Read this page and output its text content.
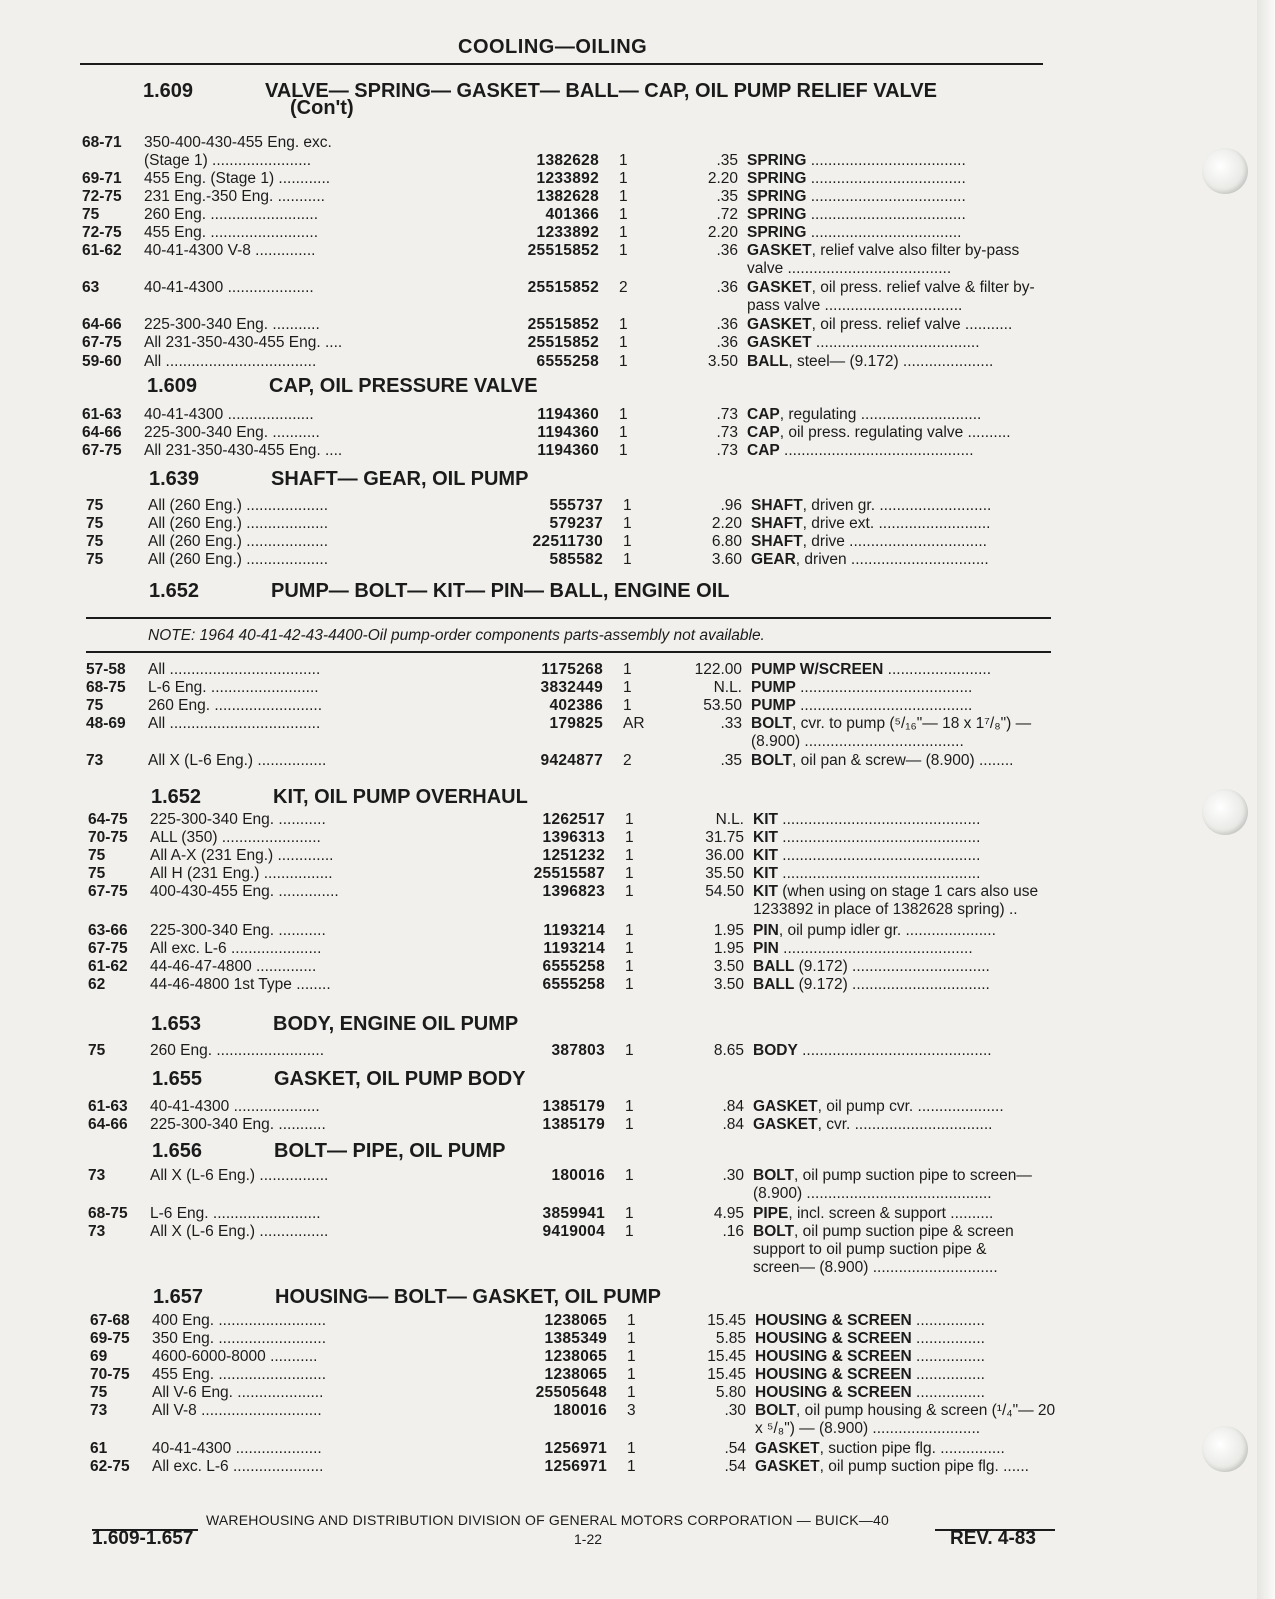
COOLING—OILING
1.609	VALVE— SPRING— GASKET— BALL— CAP, OIL PUMP RELIEF VALVE
(Con't)
68-71	350-400-430-455 Eng. exc.
(Stage 1) .......................	1382628 1	.35 SPRING ....................................
69-71	455 Eng. (Stage 1) ............	1233892 1	2.20 SPRING ....................................
72-75	231 Eng.-350 Eng. ...........	1382628 1	.35 SPRING ....................................
75	260 Eng. .........................	401366 1	.72 SPRING ....................................
72-75	455 Eng. .........................	1233892 1	2.20 SPRING ...................................
61-62	40-41-4300 V-8 ..............	25515852 1	.36 GASKET, relief valve also filter by-pass
valve ......................................
63	40-41-4300 ....................	25515852 2	.36 GASKET, oil press. relief valve & filter by-
pass valve ................................
64-66	225-300-340 Eng. ...........	25515852 1	.36 GASKET, oil press. relief valve ...........
67-75	All 231-350-430-455 Eng. ....	25515852 1	.36 GASKET ......................................
59-60	All ...................................	6555258 1	3.50 BALL, steel— (9.172) .....................
1.609	CAP, OIL PRESSURE VALVE
61-63	40-41-4300 ....................	1194360 1	.73 CAP, regulating ............................
64-66	225-300-340 Eng. ...........	1194360 1	.73 CAP, oil press. regulating valve ..........
67-75	All 231-350-430-455 Eng. ....	1194360 1	.73 CAP ............................................
1.639	SHAFT— GEAR, OIL PUMP
75	All (260 Eng.) ...................	555737 1	.96 SHAFT, driven gr. ..........................
75	All (260 Eng.) ...................	579237 1	2.20 SHAFT, drive ext. ..........................
75	All (260 Eng.) ...................	22511730 1	6.80 SHAFT, drive ................................
75	All (260 Eng.) ...................	585582 1	3.60 GEAR, driven ................................
1.652	PUMP— BOLT— KIT— PIN— BALL, ENGINE OIL
NOTE: 1964 40-41-42-43-4400-Oil pump-order components parts-assembly not available.
57-58	All ...................................	1175268 1	122.00 PUMP W/SCREEN ........................
68-75	L-6 Eng. .........................	3832449 1	N.L. PUMP ........................................
75	260 Eng. .........................	402386 1	53.50 PUMP ........................................
48-69	All ...................................	179825 AR	.33 BOLT, cvr. to pump (⁵/₁₆"— 18 x 1⁷/₈") —
(8.900) .....................................
73	All X (L-6 Eng.) ................	9424877 2	.35 BOLT, oil pan & screw— (8.900) ........
1.652	KIT, OIL PUMP OVERHAUL
64-75	225-300-340 Eng. ...........	1262517 1	N.L. KIT ..............................................
70-75	ALL (350) .......................	1396313 1	31.75 KIT ..............................................
75	All A-X (231 Eng.) .............	1251232 1	36.00 KIT ..............................................
75	All H (231 Eng.) ................	25515587 1	35.50 KIT ..............................................
67-75	400-430-455 Eng. ..............	1396823 1	54.50 KIT (when using on stage 1 cars also use
1233892 in place of 1382628 spring) ..
63-66	225-300-340 Eng. ...........	1193214 1	1.95 PIN, oil pump idler gr. .....................
67-75	All exc. L-6 .....................	1193214 1	1.95 PIN ............................................
61-62	44-46-47-4800 ..............	6555258 1	3.50 BALL (9.172) ................................
62	44-46-4800 1st Type ........	6555258 1	3.50 BALL (9.172) ................................
1.653	BODY, ENGINE OIL PUMP
75	260 Eng. .........................	387803 1	8.65 BODY ............................................
1.655	GASKET, OIL PUMP BODY
61-63	40-41-4300 ....................	1385179 1	.84 GASKET, oil pump cvr. ....................
64-66	225-300-340 Eng. ...........	1385179 1	.84 GASKET, cvr. ................................
1.656	BOLT— PIPE, OIL PUMP
73	All X (L-6 Eng.) ................	180016 1	.30 BOLT, oil pump suction pipe to screen—
(8.900) ...........................................
68-75	L-6 Eng. .........................	3859941 1	4.95 PIPE, incl. screen & support ..........
73	All X (L-6 Eng.) ................	9419004 1	.16 BOLT, oil pump suction pipe & screen
support to oil pump suction pipe &
screen— (8.900) .............................
1.657	HOUSING— BOLT— GASKET, OIL PUMP
67-68	400 Eng. .........................	1238065 1	15.45 HOUSING & SCREEN ................
69-75	350 Eng. .........................	1385349 1	5.85 HOUSING & SCREEN ................
69	4600-6000-8000 ...........	1238065 1	15.45 HOUSING & SCREEN ................
70-75	455 Eng. .........................	1238065 1	15.45 HOUSING & SCREEN ................
75	All V-6 Eng. ....................	25505648 1	5.80 HOUSING & SCREEN ................
73	All V-8 ............................	180016 3	.30 BOLT, oil pump housing & screen (¹/₄"— 20
x ⁵/₈") — (8.900) .........................
61	40-41-4300 ....................	1256971 1	.54 GASKET, suction pipe flg. ...............
62-75	All exc. L-6 .....................	1256971 1	.54 GASKET, oil pump suction pipe flg. ......
1.609-1.657
WAREHOUSING AND DISTRIBUTION DIVISION OF GENERAL MOTORS CORPORATION — BUICK—40
1-22	REV. 4-83
